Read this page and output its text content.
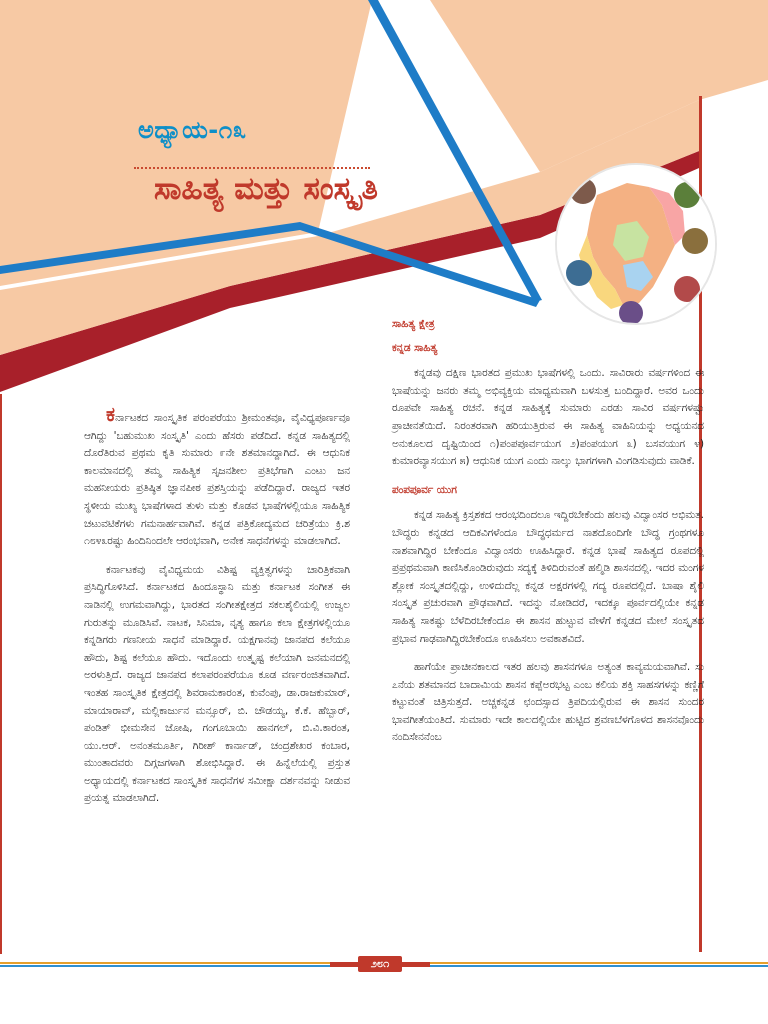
ಅಧ್ಯಾಯ-೧೩
ಸಾಹಿತ್ಯ ಮತ್ತು ಸಂಸ್ಕೃತಿ

ಕರ್ನಾಟಕದ ಸಾಂಸ್ಕೃತಿಕ ಪರಂಪರೆಯು ಶ್ರೀಮಂತವೂ, ವೈವಿಧ್ಯಪೂರ್ಣವೂ ಆಗಿದ್ದು 'ಬಹುಮುಖ ಸಂಸ್ಕೃತಿ' ಎಂದು ಹೆಸರು ಪಡೆದಿದೆ. ಕನ್ನಡ ಸಾಹಿತ್ಯದಲ್ಲಿ ದೊರೆತಿರುವ ಪ್ರಥಮ ಕೃತಿ ಸುಮಾರು ೯ನೇ ಶತಮಾನದ್ದಾಗಿದೆ. ಈ ಆಧುನಿಕ ಕಾಲಮಾನದಲ್ಲಿ ತಮ್ಮ ಸಾಹಿತ್ಯಿಕ ಸೃಜನಶೀಲ ಪ್ರತಿಭೆಗಾಗಿ ಎಂಟು ಜನ ಮಹನೀಯರು ಪ್ರತಿಷ್ಠಿತ ಜ್ಞಾನಪೀಠ ಪ್ರಶಸ್ತಿಯನ್ನು ಪಡೆದಿದ್ದಾರೆ. ರಾಜ್ಯದ ಇತರ ಸ್ಥಳೀಯ ಮುಖ್ಯ ಭಾಷೆಗಳಾದ ತುಳು ಮತ್ತು ಕೊಡವ ಭಾಷೆಗಳಲ್ಲಿಯೂ ಸಾಹಿತ್ಯಿಕ ಚಟುವಟಿಕೆಗಳು ಗಮನಾರ್ಹವಾಗಿವೆ. ಕನ್ನಡ ಪತ್ರಿಕೋದ್ಯಮದ ಚರಿತ್ರೆಯು ಕ್ರಿ.ಶ ೧೮೪೩ರಷ್ಟು ಹಿಂದಿನಿಂದಲೇ ಆರಂಭವಾಗಿ, ಅನೇಕ ಸಾಧನೆಗಳನ್ನು ಮಾಡಲಾಗಿದೆ.

ಕರ್ನಾಟಕವು ವೈವಿಧ್ಯಮಯ ವಿಶಿಷ್ಟ ವ್ಯಕ್ತಿತ್ವಗಳನ್ನು ಚಾರಿತ್ರಿಕವಾಗಿ ಪ್ರಸಿದ್ಧಿಗೊಳಿಸಿದೆ. ಕರ್ನಾಟಕದ ಹಿಂದೂಸ್ಥಾನಿ ಮತ್ತು ಕರ್ನಾಟಕ ಸಂಗೀತ ಈ ನಾಡಿನಲ್ಲಿ ಉಗಮವಾಗಿದ್ದು, ಭಾರತದ ಸಂಗೀತಕ್ಷೇತ್ರದ ಸಕಲಶೈಲಿಯಲ್ಲಿ ಉಜ್ವಲ ಗುರುತನ್ನು ಮೂಡಿಸಿವೆ. ನಾಟಕ, ಸಿನಿಮಾ, ನೃತ್ಯ ಹಾಗೂ ಕಲಾ ಕ್ಷೇತ್ರಗಳಲ್ಲಿಯೂ ಕನ್ನಡಿಗರು ಗಣನೀಯ ಸಾಧನೆ ಮಾಡಿದ್ದಾರೆ. ಯಕ್ಷಗಾನವು ಜಾನಪದ ಕಲೆಯೂ ಹೌದು, ಶಿಷ್ಟ ಕಲೆಯೂ ಹೌದು. ಇದೊಂದು ಉತ್ಕೃಷ್ಟ ಕಲೆಯಾಗಿ ಜನಮನದಲ್ಲಿ ಅರಳುತ್ತಿದೆ. ರಾಜ್ಯದ ಜಾನಪದ ಕಲಾಪರಂಪರೆಯೂ ಕೂಡ ವರ್ಣರಂಜಿತವಾಗಿದೆ. ಇಂತಹ ಸಾಂಸ್ಕೃತಿಕ ಕ್ಷೇತ್ರದಲ್ಲಿ ಶಿವರಾಮಕಾರಂತ, ಕುವೆಂಪು, ಡಾ.ರಾಜಕುಮಾರ್, ಮಾಯಾರಾವ್, ಮಲ್ಲಿಕಾರ್ಜುನ ಮನ್ಸೂರ್, ಬಿ. ಚೌಡಯ್ಯ, ಕೆ.ಕೆ. ಹೆಬ್ಬಾರ್, ಪಂಡಿತ್ ಭೀಮಸೇನ ಜೋಷಿ, ಗಂಗೂಬಾಯಿ ಹಾನಗಲ್, ಬಿ.ವಿ.ಕಾರಂತ, ಯು.ಆರ್. ಅನಂತಮೂರ್ತಿ, ಗಿರೀಶ್ ಕಾರ್ನಾಡ್, ಚಂದ್ರಶೇಖರ ಕಂಬಾರ, ಮುಂತಾದವರು ದಿಗ್ಗಜಗಳಾಗಿ ಶೋಭಿಸಿದ್ದಾರೆ. ಈ ಹಿನ್ನೆಲೆಯಲ್ಲಿ ಪ್ರಸ್ತುತ ಅಧ್ಯಾಯದಲ್ಲಿ ಕರ್ನಾಟಕದ ಸಾಂಸ್ಕೃತಿಕ ಸಾಧನೆಗಳ ಸಮೀಕ್ಷಾ ದರ್ಶನವನ್ನು ನೀಡುವ ಪ್ರಯತ್ನ ಮಾಡಲಾಗಿದೆ.

ಸಾಹಿತ್ಯ ಕ್ಷೇತ್ರ
ಕನ್ನಡ ಸಾಹಿತ್ಯ

ಕನ್ನಡವು ದಕ್ಷಿಣ ಭಾರತದ ಪ್ರಮುಖ ಭಾಷೆಗಳಲ್ಲಿ ಒಂದು. ಸಾವಿರಾರು ವರ್ಷಗಳಿಂದ ಈ ಭಾಷೆಯನ್ನು ಜನರು ತಮ್ಮ ಅಭಿವ್ಯಕ್ತಿಯ ಮಾಧ್ಯಮವಾಗಿ ಬಳಸುತ್ತ ಬಂದಿದ್ದಾರೆ. ಅವರ ಒಂದು ರೂಪವೇ ಸಾಹಿತ್ಯ ರಚನೆ. ಕನ್ನಡ ಸಾಹಿತ್ಯಕ್ಕೆ ಸುಮಾರು ಎರಡು ಸಾವಿರ ವರ್ಷಗಳಷ್ಟು ಪ್ರಾಚೀನತೆಯಿದೆ. ನಿರಂತರವಾಗಿ ಹರಿಯುತ್ತಿರುವ ಈ ಸಾಹಿತ್ಯ ವಾಹಿನಿಯನ್ನು ಅಧ್ಯಯನದ ಅನುಕೂಲದ ದೃಷ್ಟಿಯಿಂದ ೧)ಪಂಪಪೂರ್ವಯುಗ ೨)ಪಂಪಯುಗ ೩) ಬಸವಯುಗ ೪) ಕುಮಾರವ್ಯಾಸಯುಗ ೫) ಆಧುನಿಕ ಯುಗ ಎಂದು ನಾಲ್ಕು ಭಾಗಗಳಾಗಿ ವಿಂಗಡಿಸುವುದು ವಾಡಿಕೆ.

ಪಂಪಪೂರ್ವ ಯುಗ

ಕನ್ನಡ ಸಾಹಿತ್ಯ ಕ್ರಿಸ್ತಶಕದ ಆರಂಭದಿಂದಲೂ ಇದ್ದಿರಬೇಕೆಂದು ಹಲವು ವಿದ್ವಾಂಸರ ಅಭಿಮತ. ಬೌದ್ಧರು ಕನ್ನಡದ ಆದಿಕವಿಗಳೆಂದೂ ಬೌದ್ಧಧರ್ಮದ ನಾಶದೊಂದಿಗೇ ಬೌದ್ಧ ಗ್ರಂಥಗಳೂ ನಾಶವಾಗಿದ್ದಿರ ಬೇಕೆಂದೂ ವಿದ್ವಾಂಸರು ಊಹಿಸಿದ್ದಾರೆ. ಕನ್ನಡ ಭಾಷೆ ಸಾಹಿತ್ಯದ ರೂಪದಲ್ಲಿ ಪ್ರಪ್ರಥಮವಾಗಿ ಕಾಣಿಸಿಕೊಂಡಿರುವುದು ಸದ್ಯಕ್ಕೆ ತಿಳಿದಿರುವಂತೆ ಹಲ್ಮಿಡಿ ಶಾಸನದಲ್ಲಿ. ಇದರ ಮಂಗಳ ಶ್ಲೋಕ ಸಂಸ್ಕೃತದಲ್ಲಿದ್ದು, ಉಳಿದುದೆಲ್ಲ ಕನ್ನಡ ಅಕ್ಷರಗಳಲ್ಲಿ ಗದ್ಯ ರೂಪದಲ್ಲಿದೆ. ಬಾಷಾ ಶೈಲಿ ಸಂಸ್ಕೃತ ಪ್ರಚುರವಾಗಿ ಪ್ರೌಢವಾಗಿದೆ. ಇದನ್ನು ನೋಡಿದರೆ, ಇದಕ್ಕೂ ಪೂರ್ವದಲ್ಲಿಯೇ ಕನ್ನಡ ಸಾಹಿತ್ಯ ಸಾಕಷ್ಟು ಬೆಳೆದಿರಬೇಕೆಂದೂ ಈ ಶಾಸನ ಹುಟ್ಟುವ ವೇಳೆಗೆ ಕನ್ನಡದ ಮೇಲೆ ಸಂಸ್ಕೃತದ ಪ್ರಭಾವ ಗಾಢವಾಗಿದ್ದಿರಬೇಕೆಂದೂ ಊಹಿಸಲು ಅವಕಾಶವಿದೆ.

ಹಾಗೆಯೇ ಪ್ರಾಚೀನಕಾಲದ ಇತರ ಹಲವು ಶಾಸನಗಳೂ ಅತ್ಯಂತ ಕಾವ್ಯಮಯವಾಗಿವೆ. ಸು ೭ನೆಯ ಶತಮಾನದ ಬಾದಾಮಿಯ ಶಾಸನ ಕಪ್ಪೆಅರಭಟ್ಟ ಎಂಬ ಕಲಿಯ ಶಕ್ತಿ ಸಾಹಸಗಳನ್ನು ಕಣ್ಣಿಗೆ ಕಟ್ಟುವಂತೆ ಚಿತ್ರಿಸುತ್ತದೆ. ಅಚ್ಚಕನ್ನಡ ಛಂದಸ್ಸಾದ ತ್ರಿಪದಿಯಲ್ಲಿರುವ ಈ ಶಾಸನ ಸುಂದರ ಭಾವಗೀತೆಯಂತಿದೆ. ಸುಮಾರು ಇದೇ ಕಾಲದಲ್ಲಿಯೇ ಹುಟ್ಟಿದ ಶ್ರವಣಬೆಳಗೊಳದ ಶಾಸನವೊಂದು ನಂದಿಸೇನನೆಂಬ

೨೮೧
